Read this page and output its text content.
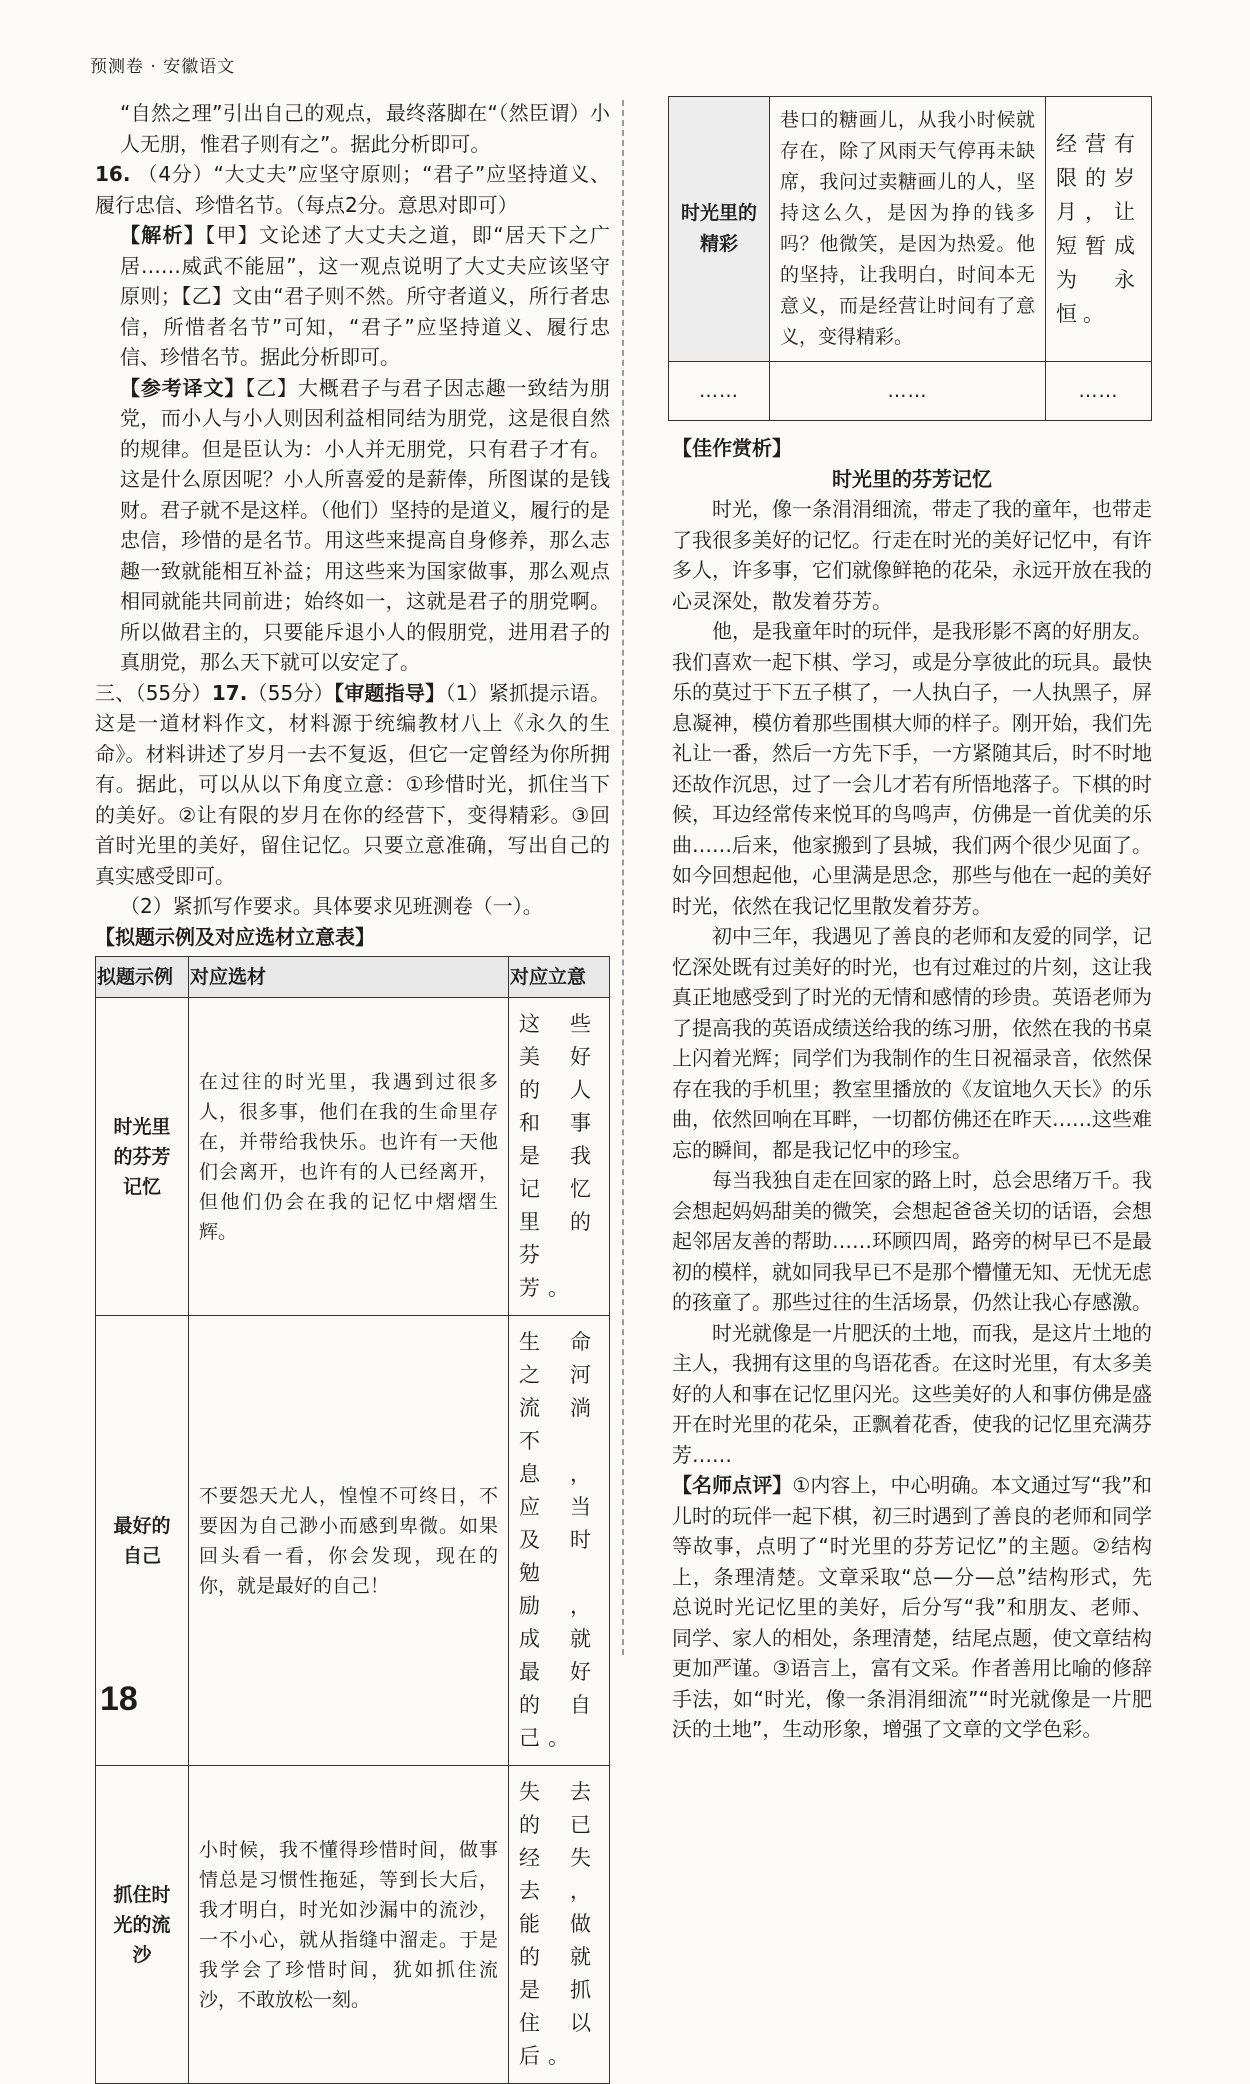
预测卷 · 安徽语文

“自然之理”引出自己的观点，最终落脚在“（然臣谓）小人无朋，惟君子则有之”。据此分析即可。

16. （4分）“大丈夫”应坚守原则；“君子”应坚持道义、履行忠信、珍惜名节。（每点2分。意思对即可）

【解析】【甲】文论述了大丈夫之道，即“居天下之广居……威武不能屈”，这一观点说明了大丈夫应该坚守原则；【乙】文由“君子则不然。所守者道义，所行者忠信，所惜者名节”可知，“君子”应坚持道义、履行忠信、珍惜名节。据此分析即可。

【参考译文】【乙】大概君子与君子因志趣一致结为朋党，而小人与小人则因利益相同结为朋党，这是很自然的规律。但是臣认为：小人并无朋党，只有君子才有。这是什么原因呢？小人所喜爱的是薪俸，所图谋的是钱财。君子就不是这样。（他们）坚持的是道义，履行的是忠信，珍惜的是名节。用这些来提高自身修养，那么志趣一致就能相互补益；用这些来为国家做事，那么观点相同就能共同前进；始终如一，这就是君子的朋党啊。所以做君主的，只要能斥退小人的假朋党，进用君子的真朋党，那么天下就可以安定了。

三、（55分）17.（55分）【审题指导】（1）紧抓提示语。这是一道材料作文，材料源于统编教材八上《永久的生命》。材料讲述了岁月一去不复返，但它一定曾经为你所拥有。据此，可以从以下角度立意：①珍惜时光，抓住当下的美好。②让有限的岁月在你的经营下，变得精彩。③回首时光里的美好，留住记忆。只要立意准确，写出自己的真实感受即可。

（2）紧抓写作要求。具体要求见班测卷（一）。

【拟题示例及对应选材立意表】

拟题示例	对应选材	对应立意
时光里的芬芳记忆	在过往的时光里，我遇到过很多人，很多事，他们在我的生命里存在，并带给我快乐。也许有一天他们会离开，也许有的人已经离开，但他们仍会在我的记忆中熠熠生辉。	这些美好的人和事是我记忆里的芬芳。
最好的自己	不要怨天尤人，惶惶不可终日，不要因为自己渺小而感到卑微。如果回头看一看，你会发现，现在的你，就是最好的自己！	生命之河流淌不息，应当及时勉励，成就最好的自己。
抓住时光的流沙	小时候，我不懂得珍惜时间，做事情总是习惯性拖延，等到长大后，我才明白，时光如沙漏中的流沙，一不小心，就从指缝中溜走。于是我学会了珍惜时间，犹如抓住流沙，不敢放松一刻。	失去的已经失去，能做的就是抓住以后。
时光里的精彩	巷口的糖画儿，从我小时候就存在，除了风雨天气停再未缺席，我问过卖糖画儿的人，坚持这么久，是因为挣的钱多吗？他微笑，是因为热爱。他的坚持，让我明白，时间本无意义，而是经营让时间有了意义，变得精彩。	经营有限的岁月，让短暂成为永恒。
……	……	……

【佳作赏析】

时光里的芬芳记忆

时光，像一条涓涓细流，带走了我的童年，也带走了我很多美好的记忆。行走在时光的美好记忆中，有许多人，许多事，它们就像鲜艳的花朵，永远开放在我的心灵深处，散发着芬芳。

他，是我童年时的玩伴，是我形影不离的好朋友。我们喜欢一起下棋、学习，或是分享彼此的玩具。最快乐的莫过于下五子棋了，一人执白子，一人执黑子，屏息凝神，模仿着那些围棋大师的样子。刚开始，我们先礼让一番，然后一方先下手，一方紧随其后，时不时地还故作沉思，过了一会儿才若有所悟地落子。下棋的时候，耳边经常传来悦耳的鸟鸣声，仿佛是一首优美的乐曲……后来，他家搬到了县城，我们两个很少见面了。如今回想起他，心里满是思念，那些与他在一起的美好时光，依然在我记忆里散发着芬芳。

初中三年，我遇见了善良的老师和友爱的同学，记忆深处既有过美好的时光，也有过难过的片刻，这让我真正地感受到了时光的无情和感情的珍贵。英语老师为了提高我的英语成绩送给我的练习册，依然在我的书桌上闪着光辉；同学们为我制作的生日祝福录音，依然保存在我的手机里；教室里播放的《友谊地久天长》的乐曲，依然回响在耳畔，一切都仿佛还在昨天……这些难忘的瞬间，都是我记忆中的珍宝。

每当我独自走在回家的路上时，总会思绪万千。我会想起妈妈甜美的微笑，会想起爸爸关切的话语，会想起邻居友善的帮助……环顾四周，路旁的树早已不是最初的模样，就如同我早已不是那个懵懂无知、无忧无虑的孩童了。那些过往的生活场景，仍然让我心存感激。

时光就像是一片肥沃的土地，而我，是这片土地的主人，我拥有这里的鸟语花香。在这时光里，有太多美好的人和事在记忆里闪光。这些美好的人和事仿佛是盛开在时光里的花朵，正飘着花香，使我的记忆里充满芬芳……

【名师点评】①内容上，中心明确。本文通过写“我”和儿时的玩伴一起下棋，初三时遇到了善良的老师和同学等故事，点明了“时光里的芬芳记忆”的主题。②结构上，条理清楚。文章采取“总—分—总”结构形式，先总说时光记忆里的美好，后分写“我”和朋友、老师、同学、家人的相处，条理清楚，结尾点题，使文章结构更加严谨。③语言上，富有文采。作者善用比喻的修辞手法，如“时光，像一条涓涓细流”“时光就像是一片肥沃的土地”，生动形象，增强了文章的文学色彩。

18
